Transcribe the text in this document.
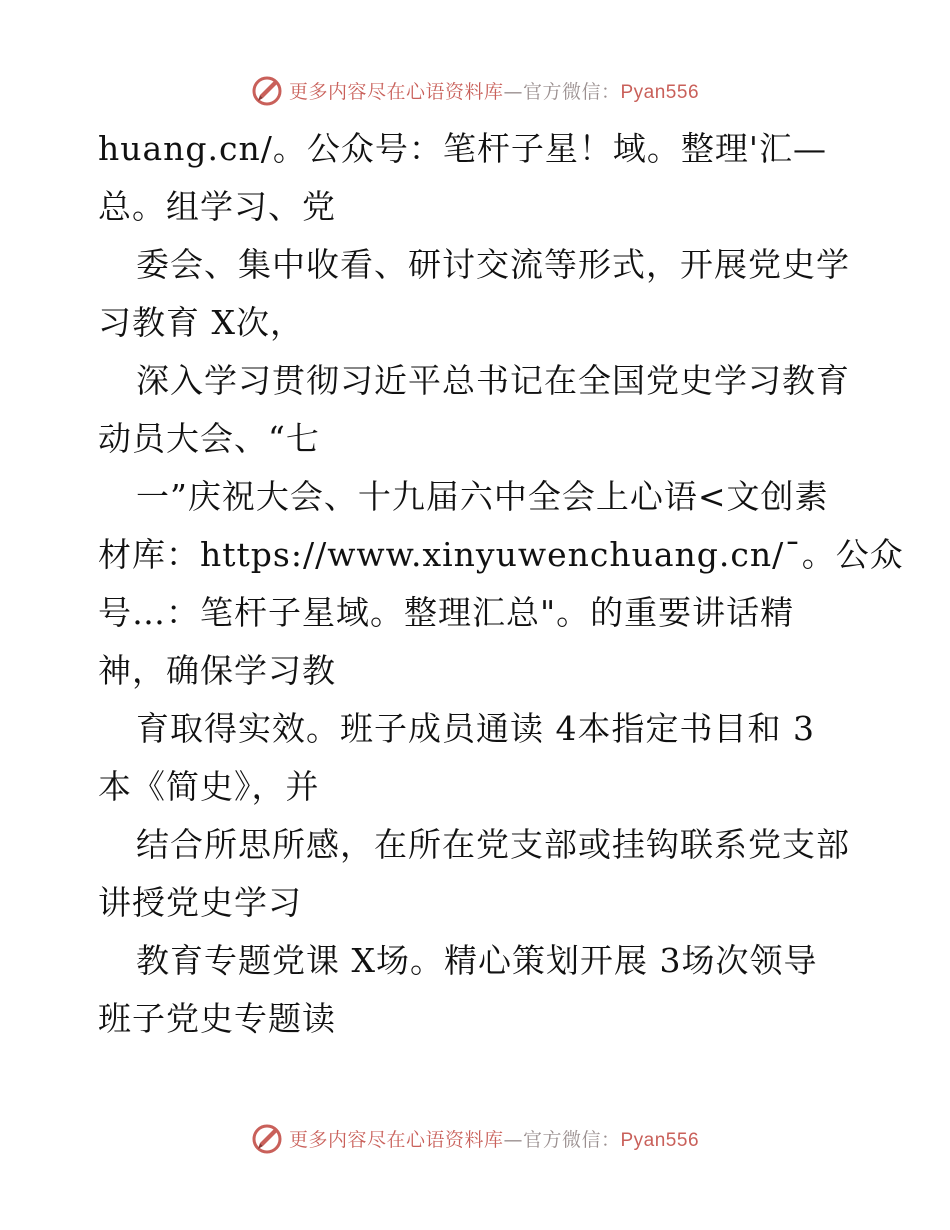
更多内容尽在心语资料库—官方微信：Pyan556
huang.cn/。公众号：笔杆子星！域。整理'汇—
总。组学习、党
委会、集中收看、研讨交流等形式，开展党史学
习教育 X次，
深入学习贯彻习近平总书记在全国党史学习教育
动员大会、“七
一”庆祝大会、十九届六中全会上心语<文创素
材库：https://www.xinyuwenchuang.cn/¯。公众
号…：笔杆子星域。整理汇总"。的重要讲话精
神，确保学习教
育取得实效。班子成员通读 4本指定书目和 3
本《简史》，并
结合所思所感，在所在党支部或挂钩联系党支部
讲授党史学习
教育专题党课 X场。精心策划开展 3场次领导
班子党史专题读
更多内容尽在心语资料库—官方微信：Pyan556
